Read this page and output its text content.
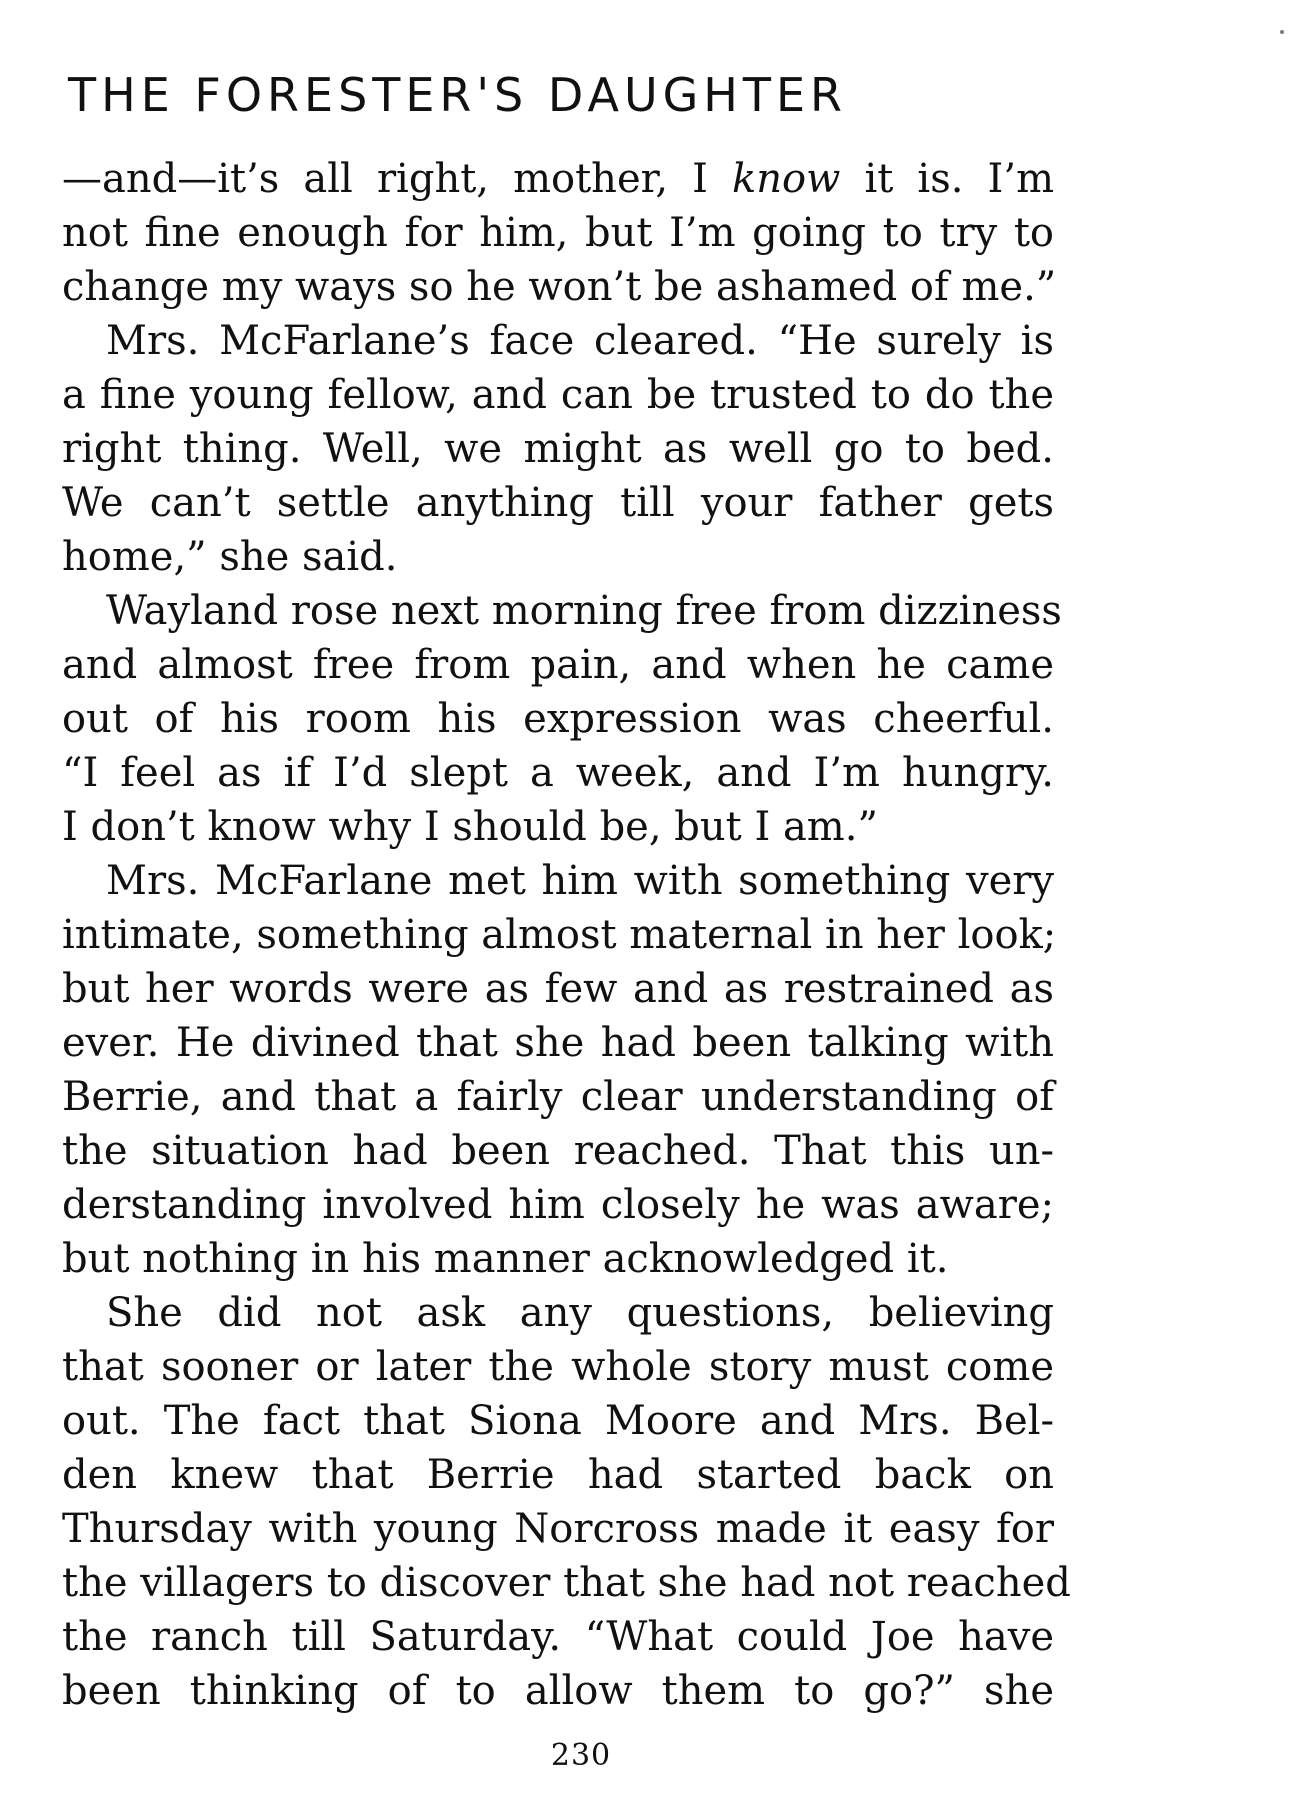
THE FORESTER'S DAUGHTER
—and—it’s all right, mother, I know it is. I’m
not fine enough for him, but I’m going to try to
change my ways so he won’t be ashamed of me.”
Mrs. McFarlane’s face cleared. “He surely is
a fine young fellow, and can be trusted to do the
right thing. Well, we might as well go to bed.
We can’t settle anything till your father gets
home,” she said.
Wayland rose next morning free from dizziness
and almost free from pain, and when he came
out of his room his expression was cheerful.
“I feel as if I’d slept a week, and I’m hungry.
I don’t know why I should be, but I am.”
Mrs. McFarlane met him with something very
intimate, something almost maternal in her look;
but her words were as few and as restrained as
ever. He divined that she had been talking with
Berrie, and that a fairly clear understanding of
the situation had been reached. That this un-
derstanding involved him closely he was aware;
but nothing in his manner acknowledged it.
She did not ask any questions, believing
that sooner or later the whole story must come
out. The fact that Siona Moore and Mrs. Bel-
den knew that Berrie had started back on
Thursday with young Norcross made it easy for
the villagers to discover that she had not reached
the ranch till Saturday. “What could Joe have
been thinking of to allow them to go?” she
230
